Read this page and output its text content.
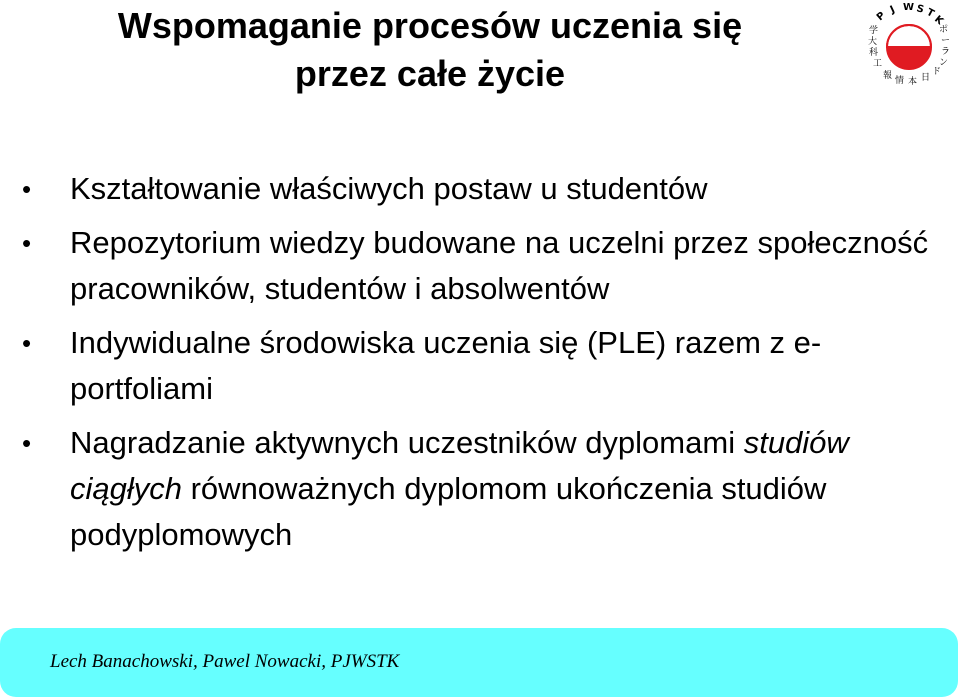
Wspomaganie procesów uczenia się
przez całe życie
P
J W S T
K
学
大
科
工
報 情 本 日
ポ
ー
ラ
ン
ド
• Kształtowanie właściwych postaw u studentów
• Repozytorium wiedzy budowane na uczelni przez społeczność pracowników, studentów i absolwentów
• Indywidualne środowiska uczenia się (PLE) razem z e-portfoliami
• Nagradzanie aktywnych uczestników dyplomami studiów ciągłych równoważnych dyplomom ukończenia studiów podyplomowych
Lech Banachowski, Pawel Nowacki, PJWSTK
